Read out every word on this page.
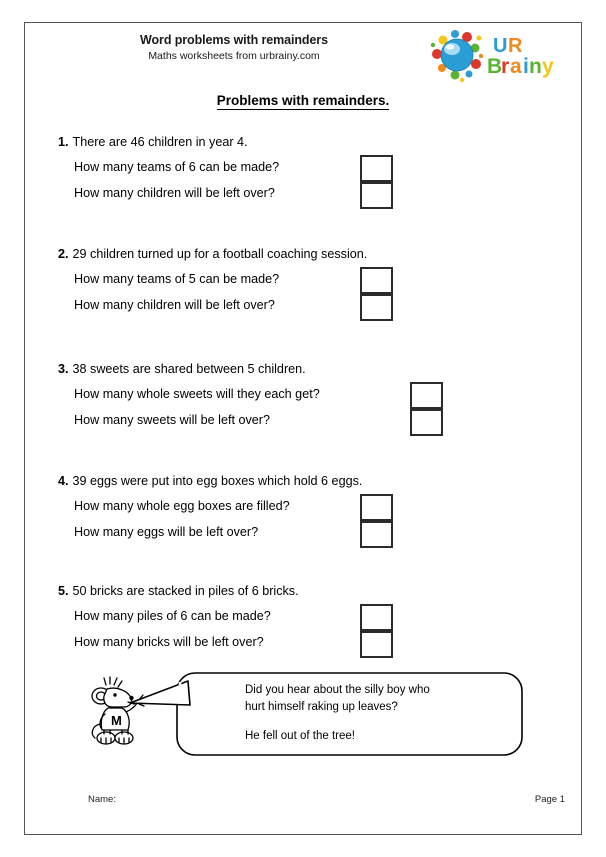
Word problems with remainders
Maths worksheets from urbrainy.com	U R
B
r a i n y
Problems with remainders.
1. There are 46 children in year 4.
How many teams of 6 can be made?
How many children will be left over?
2. 29 children turned up for a football coaching session.
How many teams of 5 can be made?
How many children will be left over?
3. 38 sweets are shared between 5 children.
How many whole sweets will they each get?
How many sweets will be left over?
4. 39 eggs were put into egg boxes which hold 6 eggs.
How many whole egg boxes are filled?
How many eggs will be left over?
5. 50 bricks are stacked in piles of 6 bricks.
How many piles of 6 can be made?
How many bricks will be left over?
M
Did you hear about the silly boy who
hurt himself raking up leaves?
He fell out of the tree!
Name:	Page 1
